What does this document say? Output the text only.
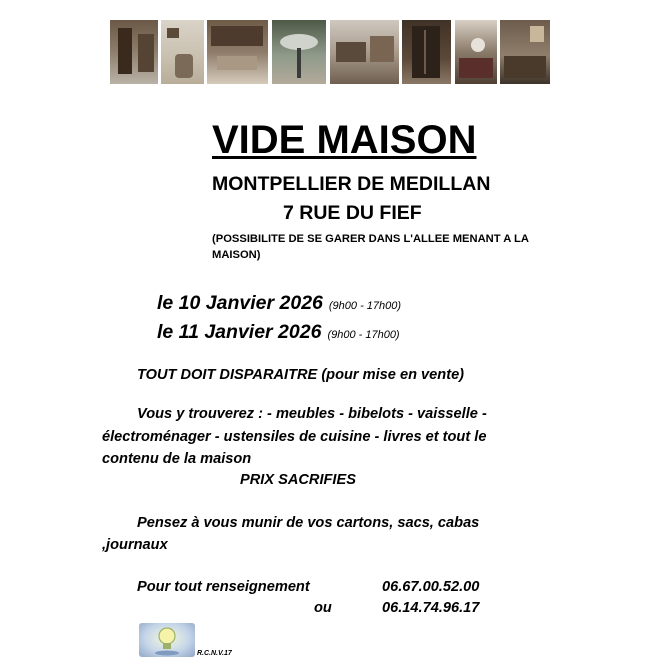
VIDE MAISON
MONTPELLIER DE MEDILLAN
7 RUE DU FIEF
(POSSIBILITE DE SE GARER DANS L'ALLEE MENANT A LA MAISON)
le 10 Janvier 2026 (9h00 - 17h00)
le 11 Janvier 2026 (9h00 - 17h00)
TOUT DOIT DISPARAITRE (pour mise en vente)
Vous y trouverez : - meubles - bibelots - vaisselle -
électroménager - ustensiles de cuisine - livres et tout le
contenu de la maison
PRIX SACRIFIES
Pensez à vous munir de vos cartons, sacs, cabas
,journaux
Pour tout renseignement	06.67.00.52.00
ou	06.14.74.96.17
R.C.N.V.17
